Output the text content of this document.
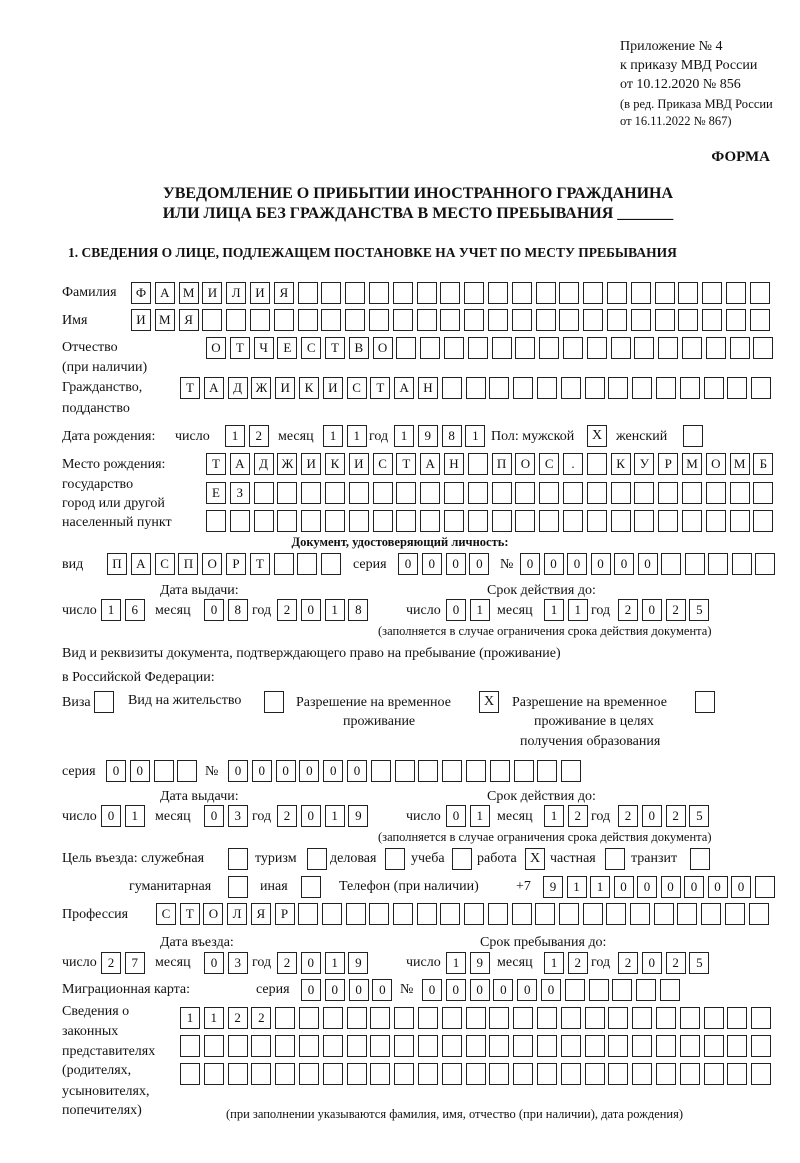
Приложение № 4
к приказу МВД России
от 10.12.2020 № 856
(в ред. Приказа МВД России
от 16.11.2022 № 867)
ФОРМА
УВЕДОМЛЕНИЕ О ПРИБЫТИИ ИНОСТРАННОГО ГРАЖДАНИНА
ИЛИ ЛИЦА БЕЗ ГРАЖДАНСТВА В МЕСТО ПРЕБЫВАНИЯ _______
1. СВЕДЕНИЯ О ЛИЦЕ, ПОДЛЕЖАЩЕМ ПОСТАНОВКЕ НА УЧЕТ ПО МЕСТУ ПРЕБЫВАНИЯ
Фамилия	Ф	А	М	И	Л	И	Я
Имя	И	М	Я
Отчество
(при наличии)
О	Т	Ч	Е	С	Т	В	О
Гражданство,
подданство
Т	А	Д	Ж	И	К	И	С	Т	А	Н
Дата рождения: число	1	2	месяц	1	1 год 1	9	8	1 Пол: мужской	X женский
Место рождения:
государство
город или другой
населенный пункт
Т	А	Д	Ж	И	К	И	С	Т	А	Н	П	О	С	.	К	У	Р	М	О	М	Б
Е	З
Документ, удостоверяющий личность:
вид	П	А	С	П	О	Р	Т	серия	0	0	0	0	№	0	0	0	0	0	0
Дата выдачи:	Срок действия до:
число 1	6	месяц	0	8 год 2	0	1	8	число 0	1 месяц	1	1 год	2	0	2	5
(заполняется в случае ограничения срока действия документа)
Вид и реквизиты документа, подтверждающего право на пребывание (проживание)
в Российской Федерации:
Виза	Вид на жительство	Разрешение на временное
проживание
X	Разрешение на временное
проживание в целях
получения образования
серия	0	0	№	0	0	0	0	0	0
Дата выдачи:	Срок действия до:
число 0	1	месяц	0	3 год 2	0	1	9	число 0	1 месяц	1	2 год	2	0	2	5
(заполняется в случае ограничения срока действия документа)
Цель въезда: служебная	туризм деловая учеба работа X частная	транзит
гуманитарная	иная	Телефон (при наличии)	+7	9	1	1	0	0	0	0	0	0
Профессия	С	Т	О	Л	Я	Р
Дата въезда:	Срок пребывания до:
число 2	7	месяц	0	3 год 2	0	1	9	число 1	9 месяц	1	2 год	2	0	2	5
Миграционная карта:	серия	0	0	0	0	№	0	0	0	0	0	0
Сведения о
законных
представителях
(родителях,
усыновителях,
попечителях)
1	1	2	2
(при заполнении указываются фамилия, имя, отчество (при наличии), дата рождения)
